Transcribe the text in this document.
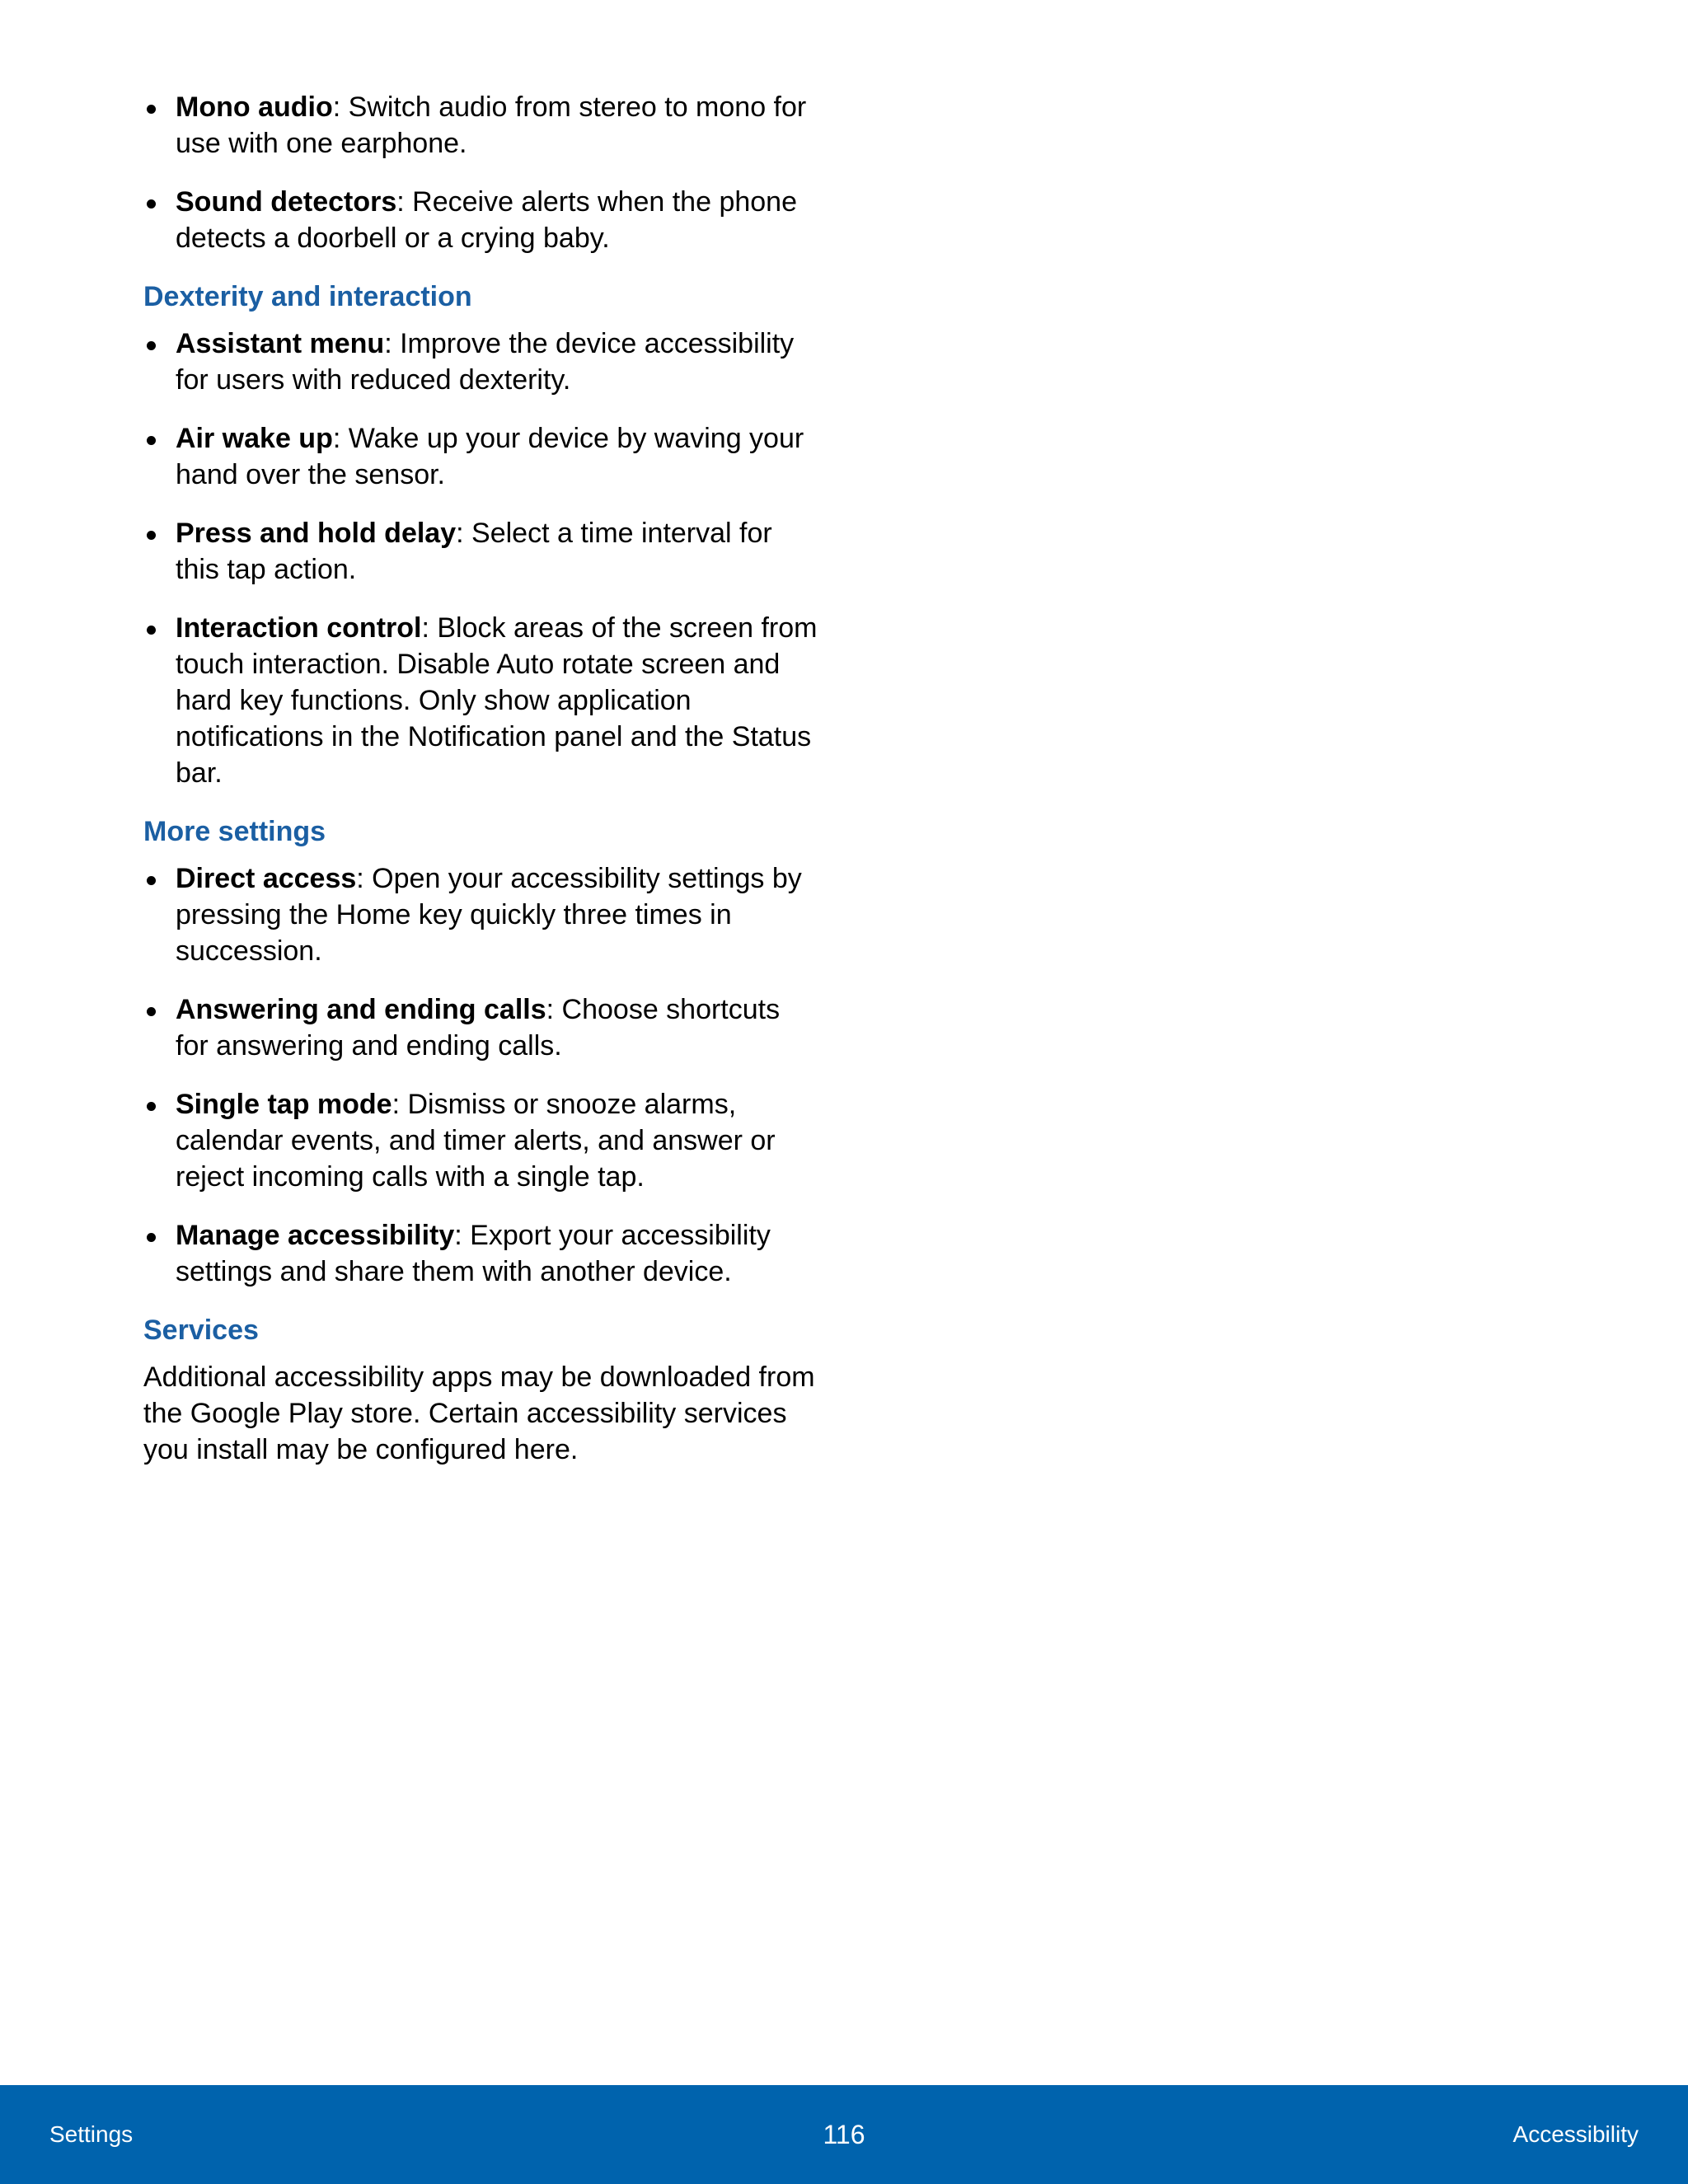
Mono audio: Switch audio from stereo to mono for use with one earphone.
Sound detectors: Receive alerts when the phone detects a doorbell or a crying baby.
Dexterity and interaction
Assistant menu: Improve the device accessibility for users with reduced dexterity.
Air wake up: Wake up your device by waving your hand over the sensor.
Press and hold delay: Select a time interval for this tap action.
Interaction control: Block areas of the screen from touch interaction. Disable Auto rotate screen and hard key functions. Only show application notifications in the Notification panel and the Status bar.
More settings
Direct access: Open your accessibility settings by pressing the Home key quickly three times in succession.
Answering and ending calls: Choose shortcuts for answering and ending calls.
Single tap mode: Dismiss or snooze alarms, calendar events, and timer alerts, and answer or reject incoming calls with a single tap.
Manage accessibility: Export your accessibility settings and share them with another device.
Services

Additional accessibility apps may be downloaded from the Google Play store. Certain accessibility services you install may be configured here.

Settings	116	Accessibility
